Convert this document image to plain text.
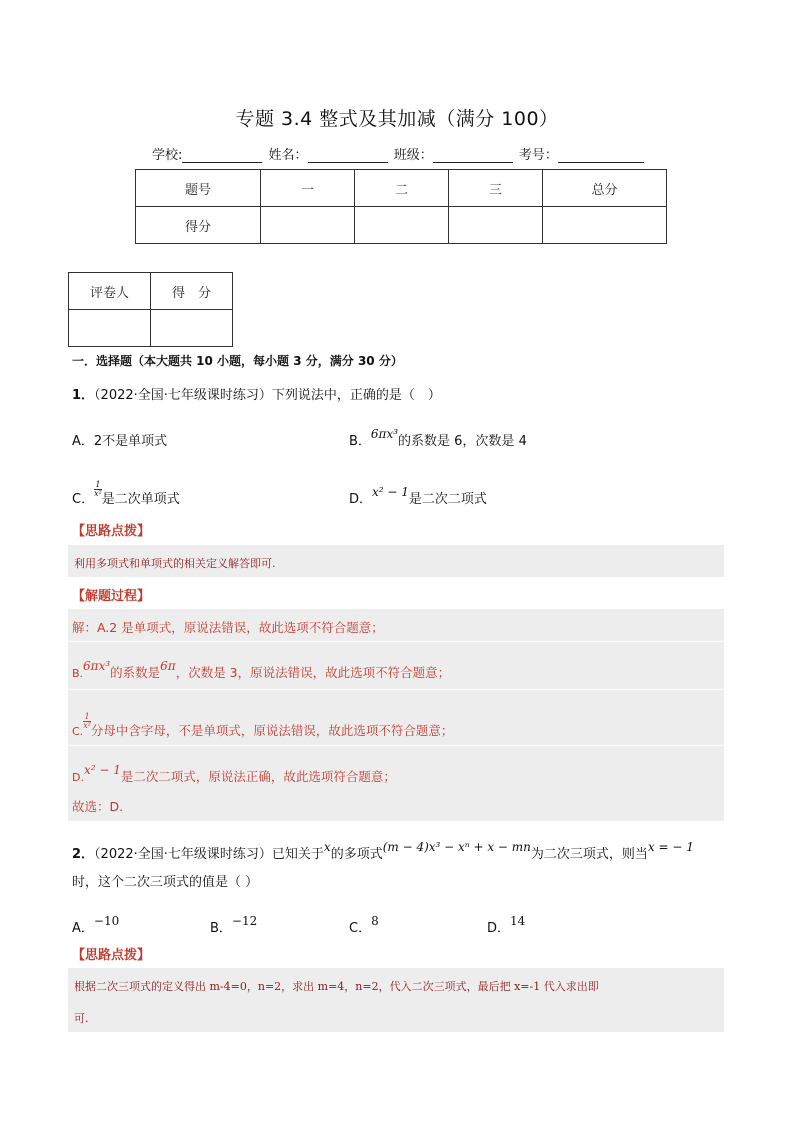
专题 3.4 整式及其加减（满分 100）
学校:	姓名：	班级：	考号：
题号	一	二	三	总分
得分				
评卷人	得　分

一．选择题（本大题共 10 小题，每小题 3 分，满分 30 分）
1．（2022·全国·七年级课时练习）下列说法中，正确的是（　）
A．2不是单项式	B．6πx³的系数是 6，次数是 4
C．
$\frac{1}{\text{x²}}$
是二次单项式	D．x² − 1是二次二项式
【思路点拨】
利用多项式和单项式的相关定义解答即可.
【解题过程】
解：A.2 是单项式，原说法错误，故此选项不符合题意；
B.6πx³的系数是6π，次数是 3，原说法错误，故此选项不符合题意；
C.
$\frac{1}{\text{x²}}$
分母中含字母，不是单项式，原说法错误，故此选项不符合题意；
D.x² − 1是二次二项式，原说法正确，故此选项符合题意；
故选：D.
2．（2022·全国·七年级课时练习）已知关于x的多项式(m − 4)x³ − xⁿ + x − mn为二次三项式，则当x = − 1
时，这个二次三项式的值是（ ）
A．−10	B．−12	C．8	D．14
【思路点拨】
根据二次三项式的定义得出 m-4=0，n=2，求出 m=4，n=2，代入二次三项式，最后把 x=-1 代入求出即
可.
